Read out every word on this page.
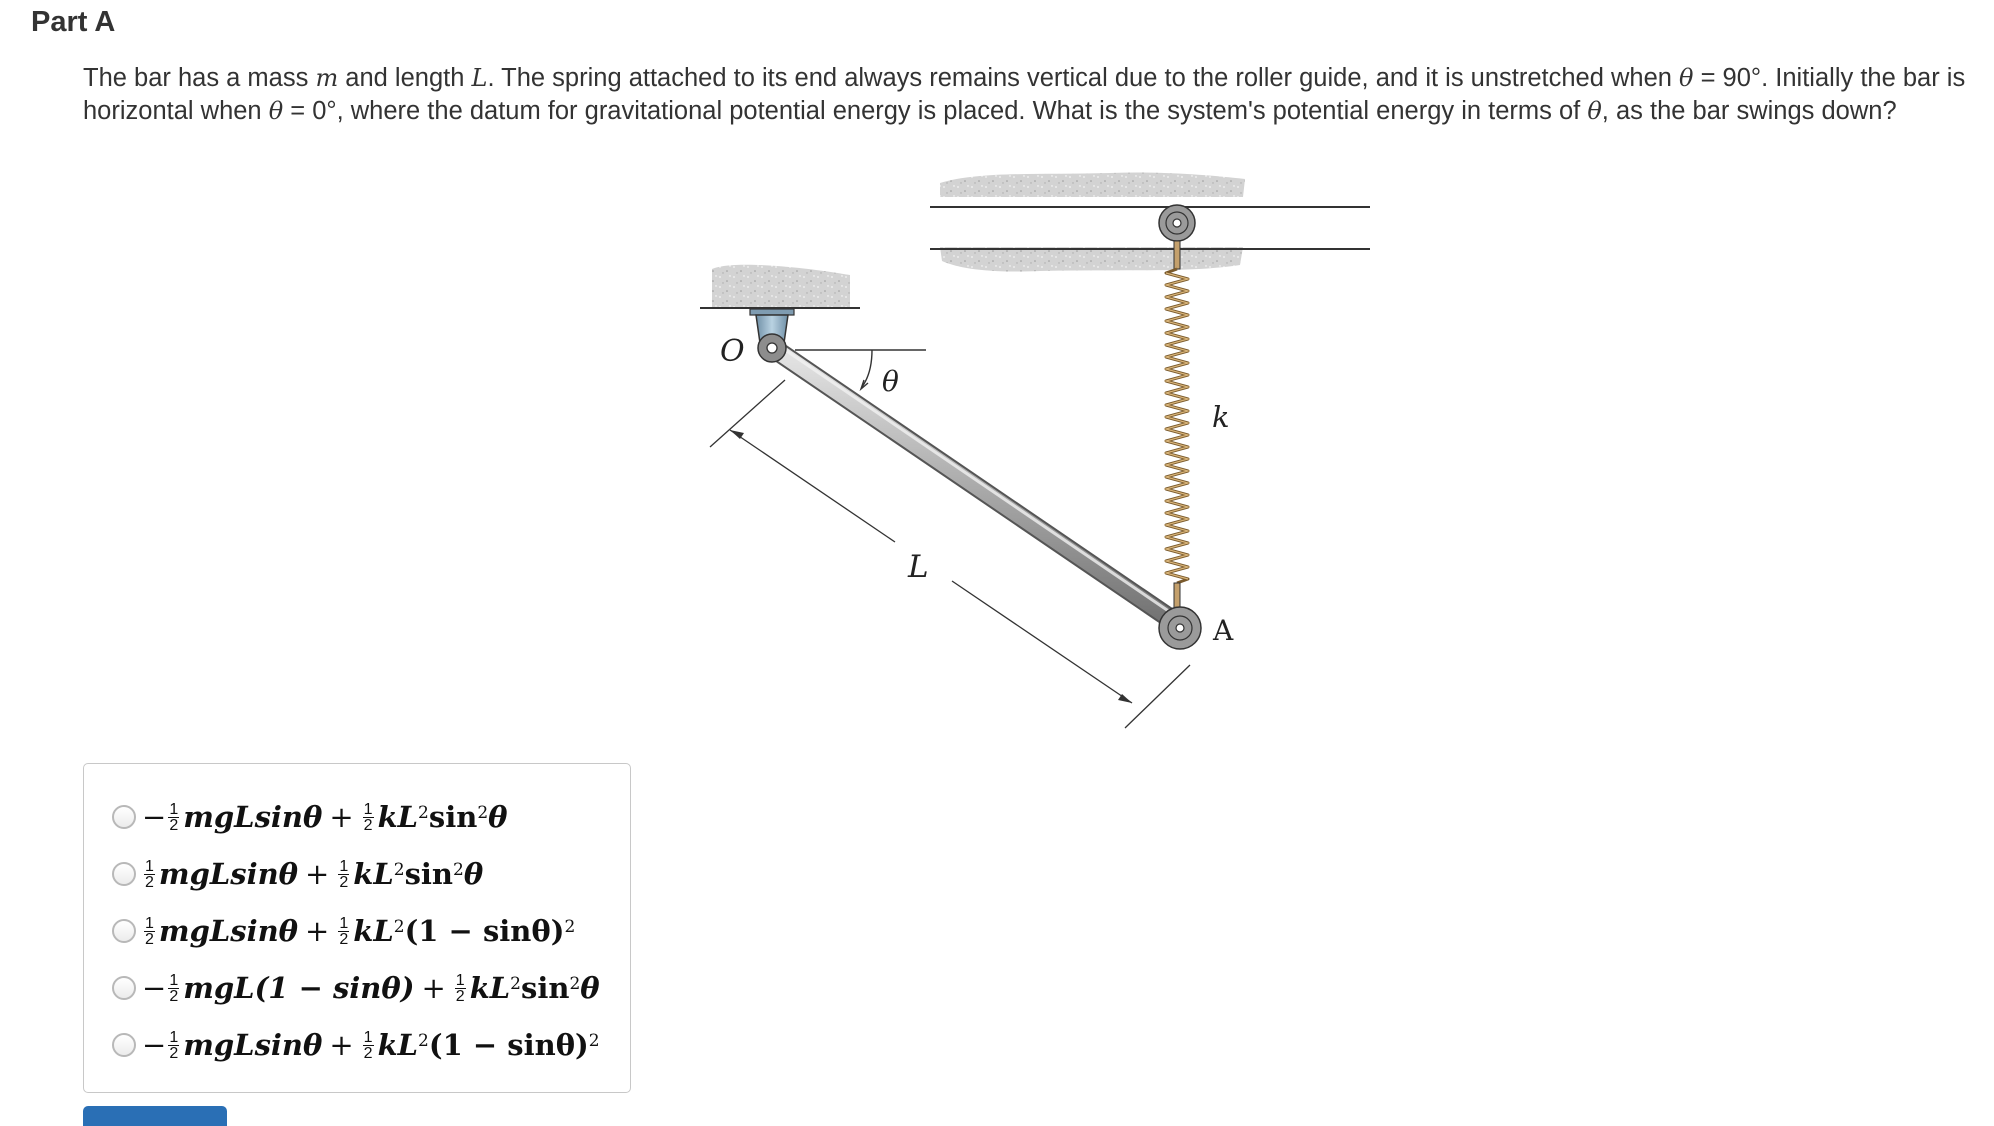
Part A
The bar has a mass m and length L. The spring attached to its end always remains vertical due to the roller guide, and it is unstretched when θ = 90°. Initially the bar is horizontal when θ = 0°, where the datum for gravitational potential energy is placed. What is the system's potential energy in terms of θ, as the bar swings down?
O
θ
k
L
A
− $\frac{1}{2}$ $mgLsin\theta + \frac{1}{2} kL^2$ $\sin^2 \theta$
$\frac{1}{2}$ $mgLsin\theta + \frac{1}{2} kL^2$ $\sin^2 \theta$
$\frac{1}{2}$ $mgLsin\theta + \frac{1}{2} kL^2$ $(1 - \sin\theta)^2$
− $\frac{1}{2} mgL(1 - \sin\theta) + \frac{1}{2} kL^2$ $\sin^2 \theta$
− $\frac{1}{2}$ $mgLsin\theta + \frac{1}{2} kL^2$ $(1 - \sin\theta)^2$
